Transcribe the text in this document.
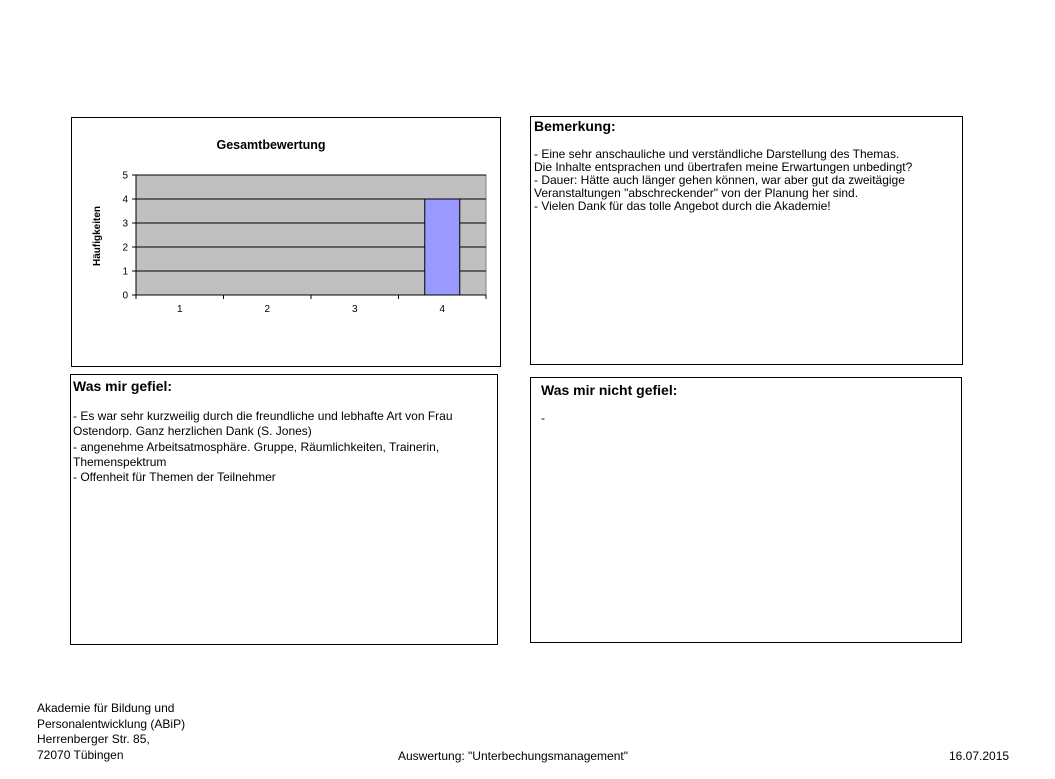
Gesamtbewertung
Häufigkeiten
0
1
2
3
4
5
1	2	3	4
Bemerkung:
- Eine sehr anschauliche und verständliche Darstellung des Themas.
Die Inhalte entsprachen und übertrafen meine Erwartungen unbedingt?
- Dauer: Hätte auch länger gehen können, war aber gut da zweitägige
Veranstaltungen "abschreckender" von der Planung her sind.
- Vielen Dank für das tolle Angebot durch die Akademie!
Was mir gefiel:
- Es war sehr kurzweilig durch die freundliche und lebhafte Art von Frau
Ostendorp. Ganz herzlichen Dank (S. Jones)
- angenehme Arbeitsatmosphäre. Gruppe, Räumlichkeiten, Trainerin,
Themenspektrum
- Offenheit für Themen der Teilnehmer
Was mir nicht gefiel:
-
Akademie für Bildung und
Personalentwicklung (ABiP)
Herrenberger Str. 85,
72070 Tübingen	Auswertung: "Unterbechungsmanagement"	16.07.2015
